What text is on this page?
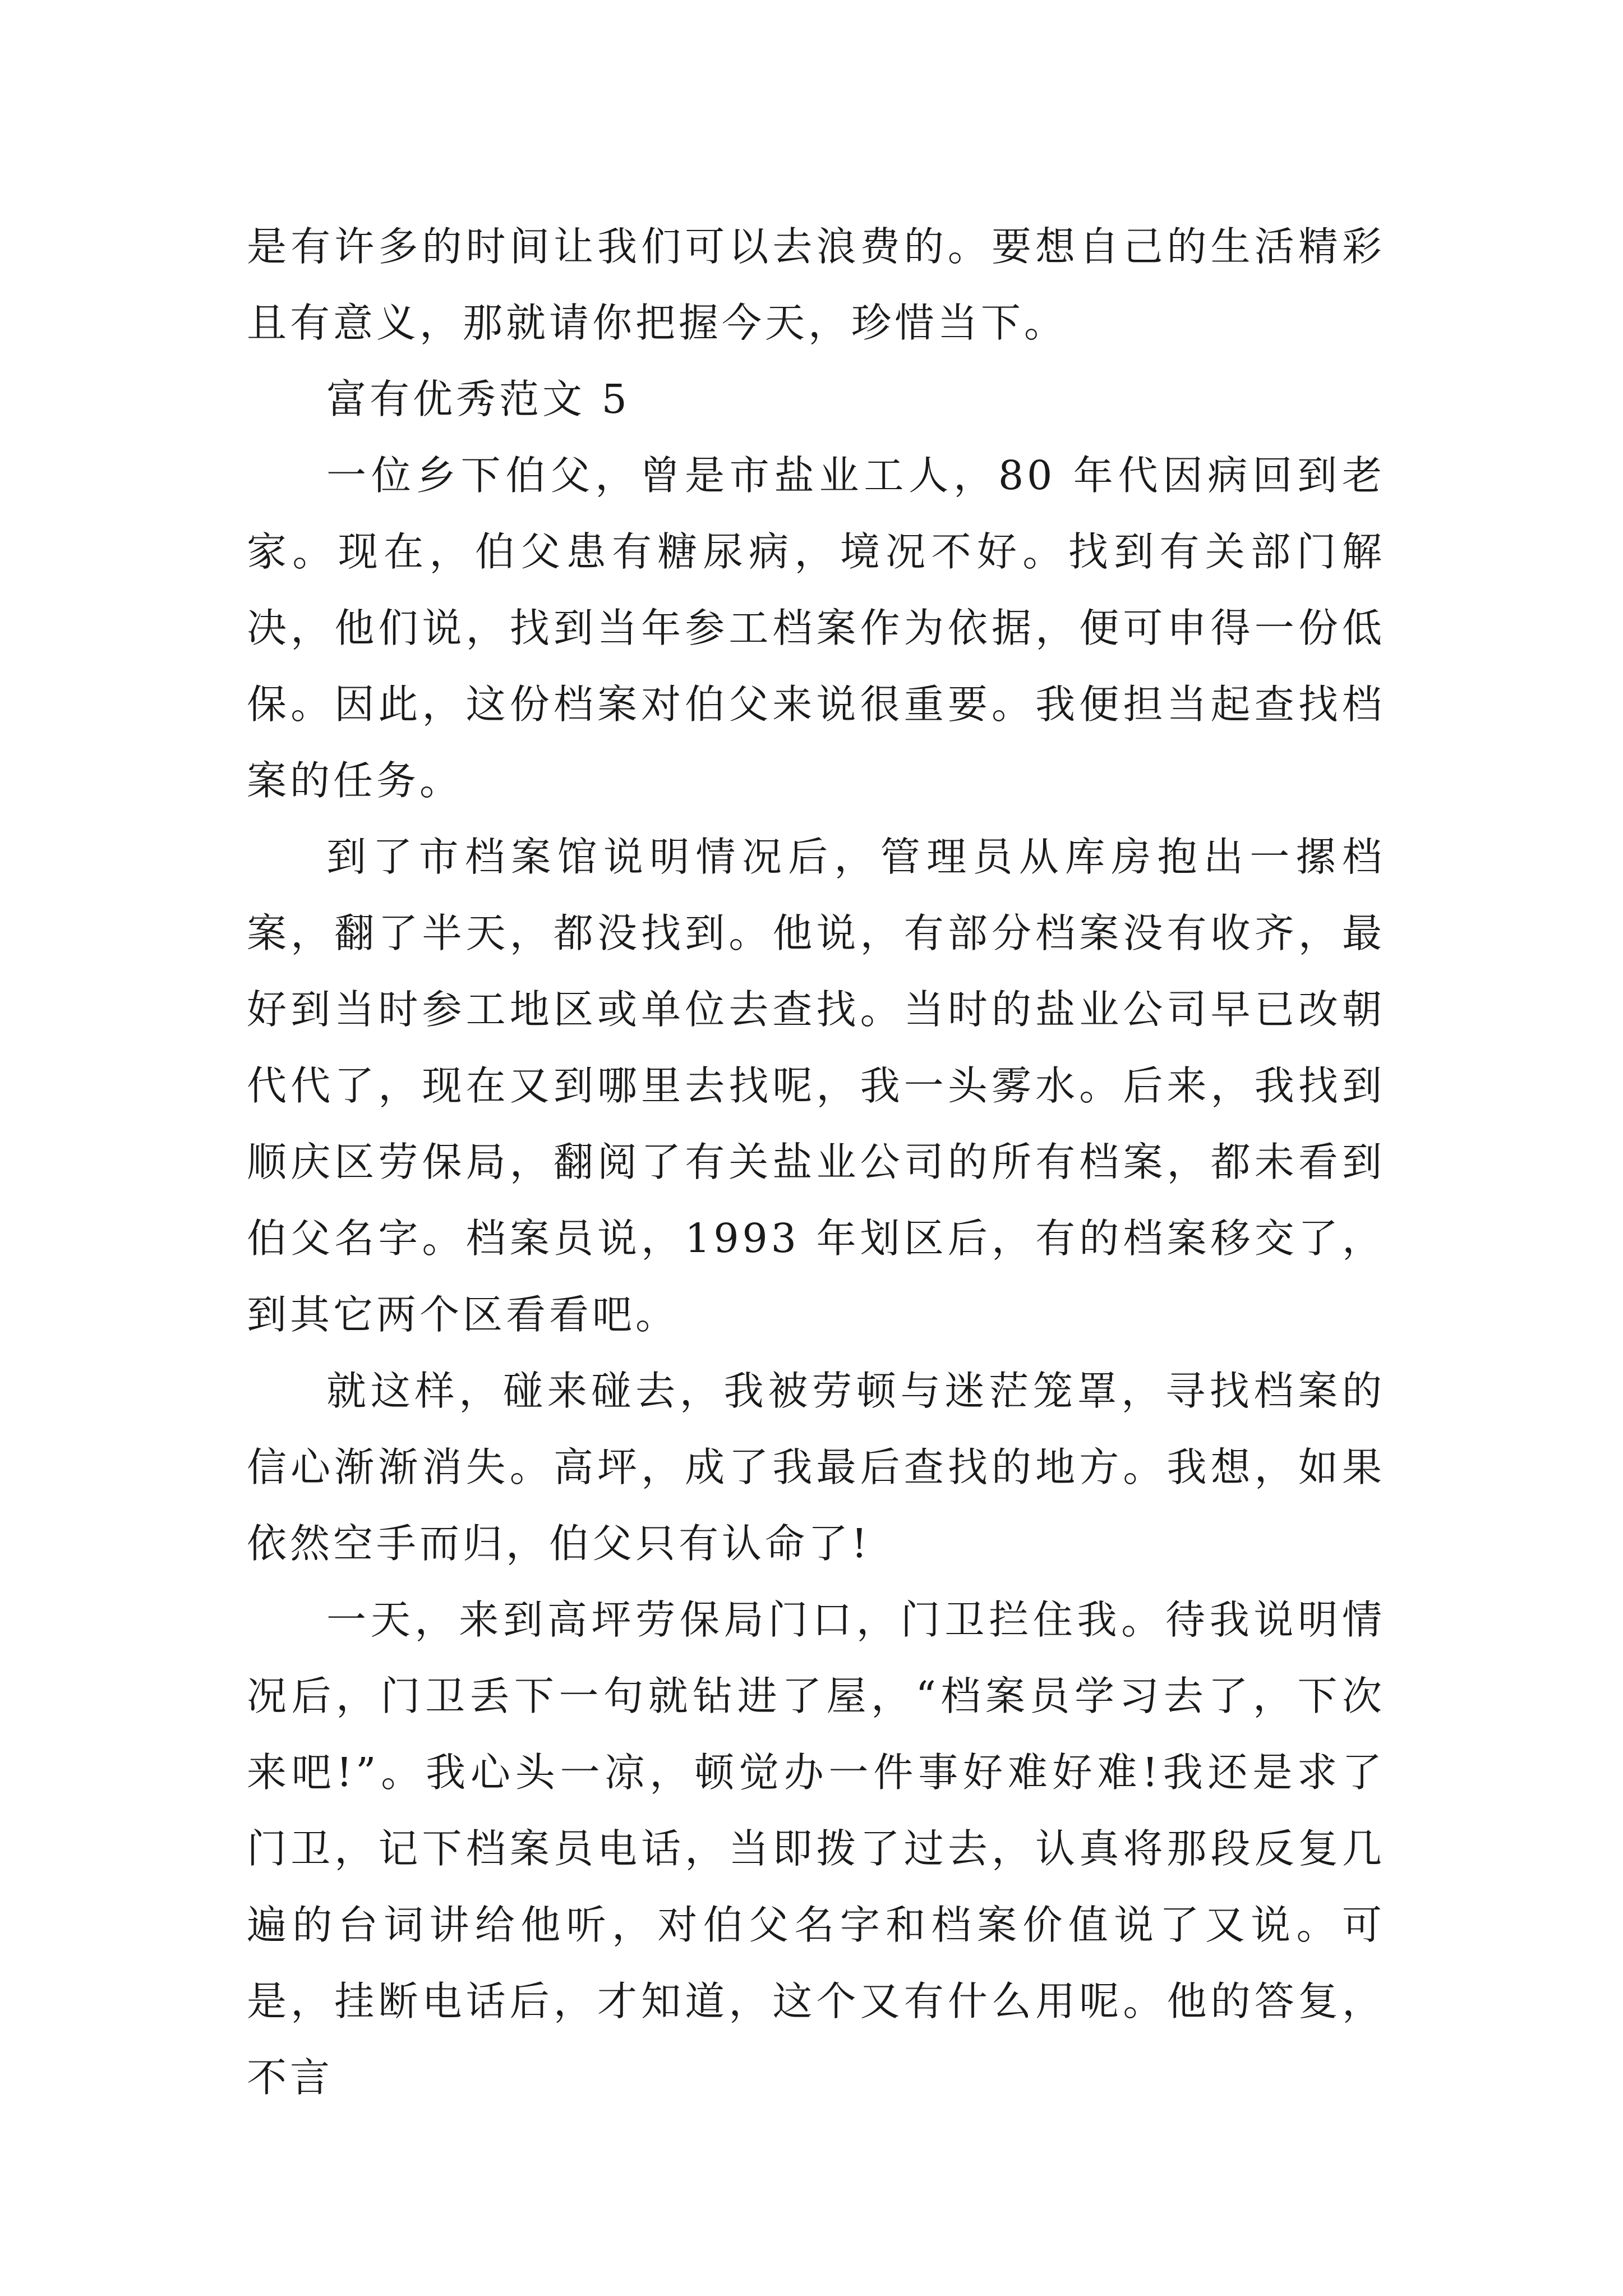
是有许多的时间让我们可以去浪费的。要想自己的生活精彩且有意义，那就请你把握今天，珍惜当下。

富有优秀范文 5

一位乡下伯父，曾是市盐业工人，80 年代因病回到老家。现在，伯父患有糖尿病，境况不好。找到有关部门解决，他们说，找到当年参工档案作为依据，便可申得一份低保。因此，这份档案对伯父来说很重要。我便担当起查找档案的任务。

到了市档案馆说明情况后，管理员从库房抱出一摞档案，翻了半天，都没找到。他说，有部分档案没有收齐，最好到当时参工地区或单位去查找。当时的盐业公司早已改朝代代了，现在又到哪里去找呢，我一头雾水。后来，我找到顺庆区劳保局，翻阅了有关盐业公司的所有档案，都未看到伯父名字。档案员说，1993 年划区后，有的档案移交了，到其它两个区看看吧。

就这样，碰来碰去，我被劳顿与迷茫笼罩，寻找档案的信心渐渐消失。高坪，成了我最后查找的地方。我想，如果依然空手而归，伯父只有认命了!

一天，来到高坪劳保局门口，门卫拦住我。待我说明情况后，门卫丢下一句就钻进了屋，“档案员学习去了，下次来吧!”。我心头一凉，顿觉办一件事好难好难!我还是求了门卫，记下档案员电话，当即拨了过去，认真将那段反复几遍的台词讲给他听，对伯父名字和档案价值说了又说。可是，挂断电话后，才知道，这个又有什么用呢。他的答复，不言
